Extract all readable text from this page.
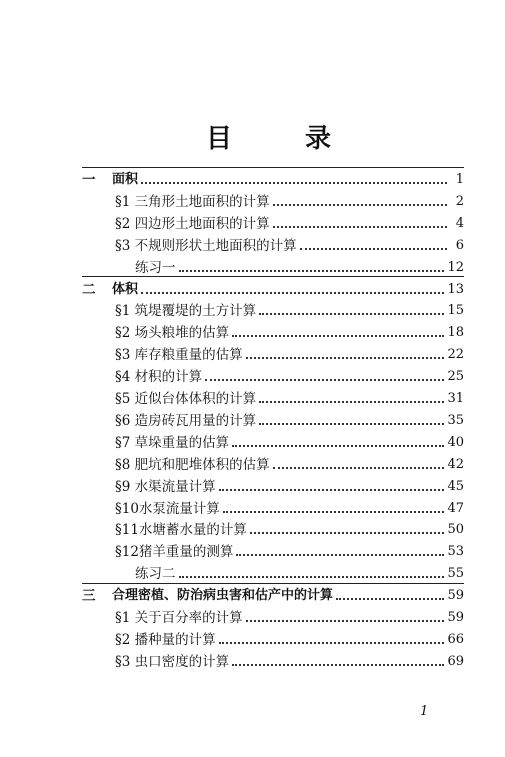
目 录
一	面积	1
§1 三角形土地面积的计算	2
§2 四边形土地面积的计算	4
§3 不规则形状土地面积的计算	6
练习一	12
二	体积	13
§1 筑堤覆堤的土方计算	15
§2 场头粮堆的估算	18
§3 库存粮重量的估算	22
§4 材积的计算	25
§5 近似台体体积的计算	31
§6 造房砖瓦用量的计算	35
§7 草垛重量的估算	40
§8 肥坑和肥堆体积的估算	42
§9 水渠流量计算	45
§10水泵流量计算	47
§11水塘蓄水量的计算	50
§12猪羊重量的测算	53
练习二	55
三	合理密植、防治病虫害和估产中的计算	59
§1 关于百分率的计算	59
§2 播种量的计算	66
§3 虫口密度的计算	69
1
